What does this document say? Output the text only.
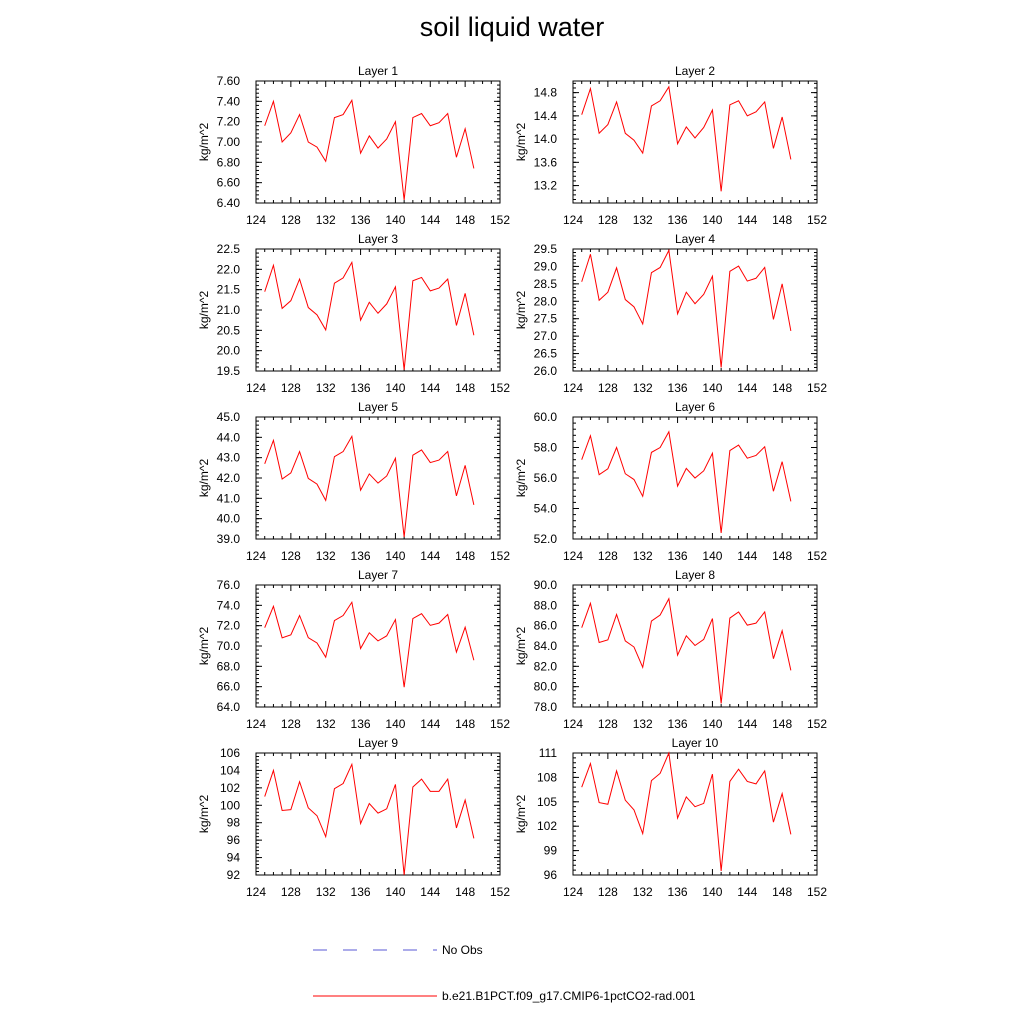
soil liquid water
Layer 1
kg/m^2
124 128 132 136 140 144 148 152
6.40
6.60
6.80
7.00
7.20
7.40
7.60
Layer 2
kg/m^2
124 128 132 136 140 144 148 152
13.2
13.6
14.0
14.4
14.8
Layer 3
kg/m^2
124 128 132 136 140 144 148 152
19.5
20.0
20.5
21.0
21.5
22.0
22.5
Layer 4
kg/m^2
124 128 132 136 140 144 148 152
26.0
26.5
27.0
27.5
28.0
28.5
29.0
29.5
Layer 5
kg/m^2
124 128 132 136 140 144 148 152
39.0
40.0
41.0
42.0
43.0
44.0
45.0
Layer 6
kg/m^2
124 128 132 136 140 144 148 152
52.0
54.0
56.0
58.0
60.0
Layer 7
kg/m^2
124 128 132 136 140 144 148 152
64.0
66.0
68.0
70.0
72.0
74.0
76.0
Layer 8
kg/m^2
124 128 132 136 140 144 148 152
78.0
80.0
82.0
84.0
86.0
88.0
90.0
Layer 9
kg/m^2
124 128 132 136 140 144 148 152
92
94
96
98
100
102
104
106
Layer 10
kg/m^2
124 128 132 136 140 144 148 152
96
99
102
105
108
111
No Obs
b.e21.B1PCT.f09_g17.CMIP6-1pctCO2-rad.001
